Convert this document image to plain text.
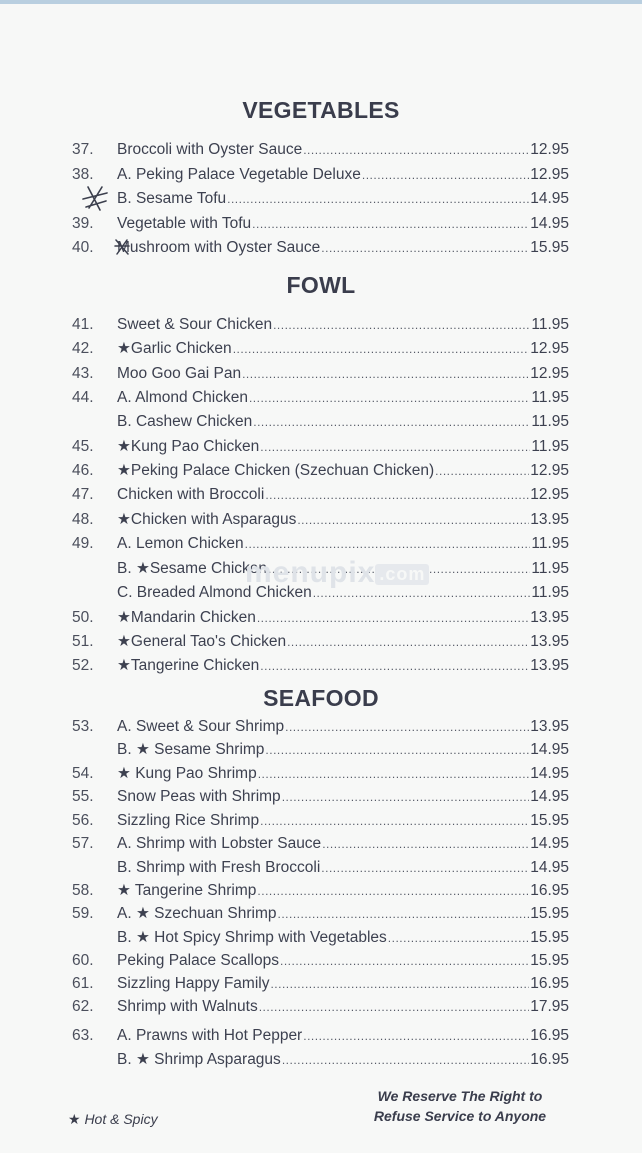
VEGETABLES
FOWL
SEAFOOD
37.	Broccoli with Oyster Sauce .....	12.95
38.	A. Peking Palace Vegetable Deluxe .....	12.95
B. Sesame Tofu .....	14.95
39.	Vegetable with Tofu .....	14.95
40.	Mushroom with Oyster Sauce .....	15.95
41.	Sweet & Sour Chicken .....	11.95
42.	★Garlic Chicken .....	12.95
43.	Moo Goo Gai Pan .....	12.95
44.	A. Almond Chicken .....	11.95
B. Cashew Chicken .....	11.95
45.	★Kung Pao Chicken .....	11.95
46.	★Peking Palace Chicken (Szechuan Chicken) .....	12.95
47.	Chicken with Broccoli .....	12.95
48.	★Chicken with Asparagus .....	13.95
49.	A. Lemon Chicken .....	11.95
B. ★Sesame Chicken .....	11.95
C. Breaded Almond Chicken .....	11.95
50.	★Mandarin Chicken .....	13.95
51.	★General Tao's Chicken .....	13.95
52.	★Tangerine Chicken .....	13.95
53.	A. Sweet & Sour Shrimp .....	13.95
B. ★ Sesame Shrimp .....	14.95
54.	★ Kung Pao Shrimp .....	14.95
55.	Snow Peas with Shrimp .....	14.95
56.	Sizzling Rice Shrimp .....	15.95
57.	A. Shrimp with Lobster Sauce .....	14.95
B. Shrimp with Fresh Broccoli .....	14.95
58.	★ Tangerine Shrimp .....	16.95
59.	A. ★ Szechuan Shrimp .....	15.95
B. ★ Hot Spicy Shrimp with Vegetables .....	15.95
60.	Peking Palace Scallops .....	15.95
61.	Sizzling Happy Family .....	16.95
62.	Shrimp with Walnuts .....	17.95
63.	A. Prawns with Hot Pepper .....	16.95
B. ★ Shrimp Asparagus .....	16.95
menupix .com
We Reserve The Right to
Refuse Service to Anyone
★ Hot & Spicy
